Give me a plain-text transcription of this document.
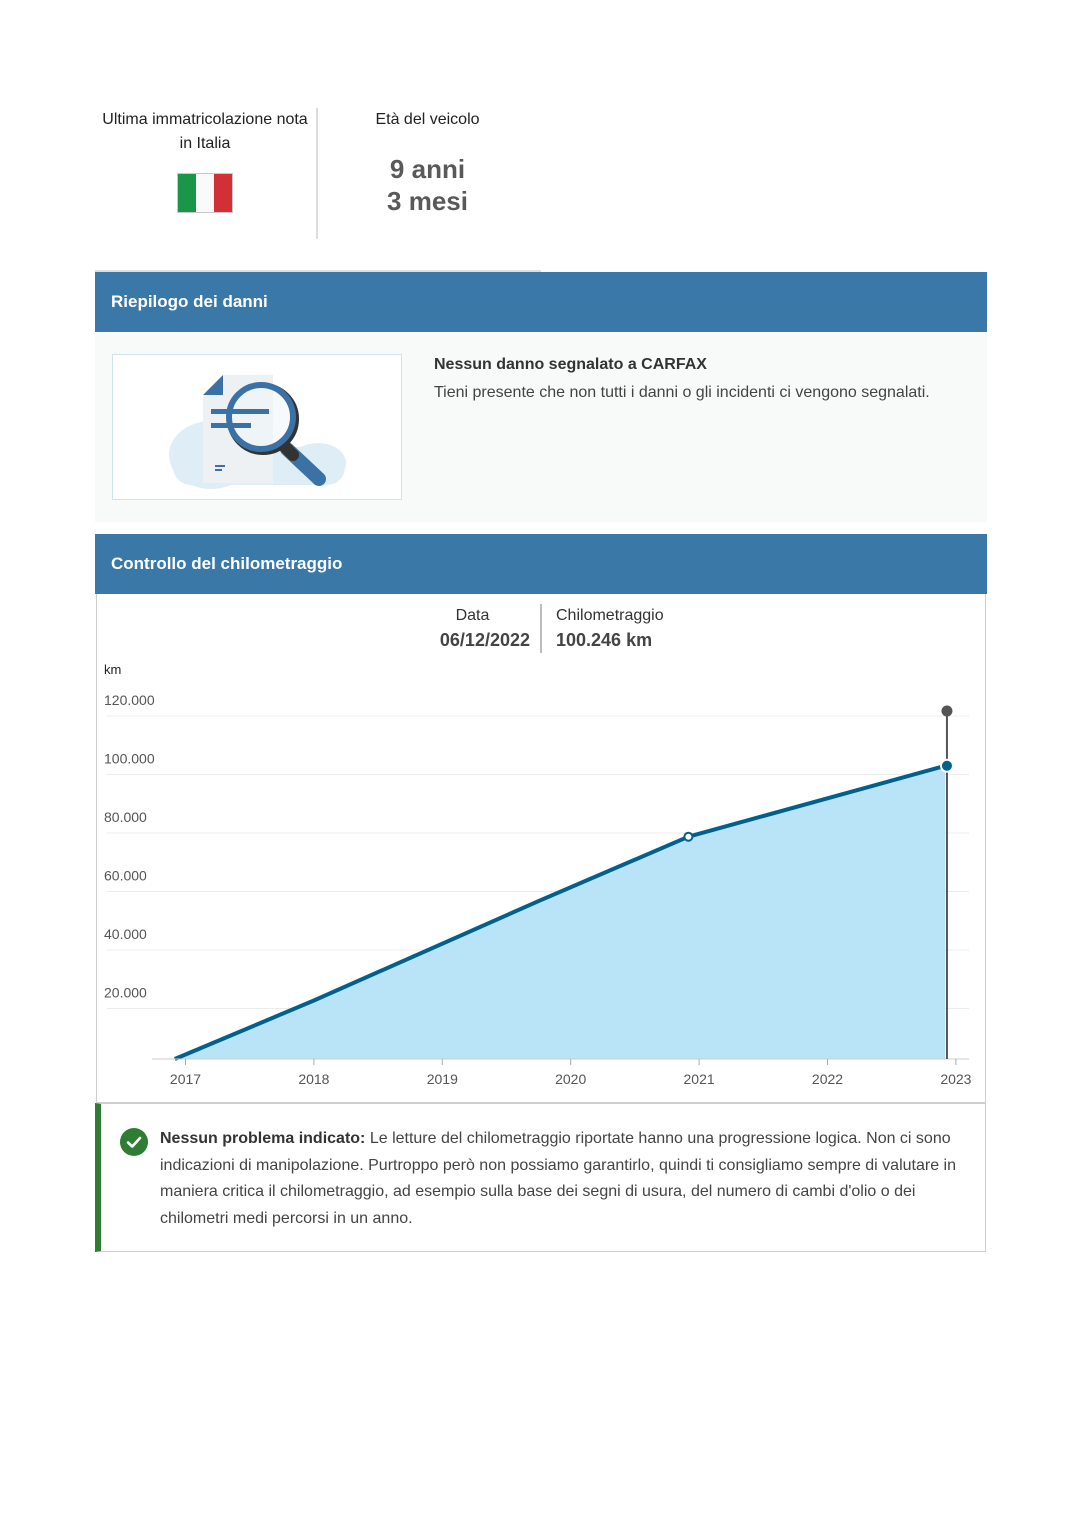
Ultima immatricolazione nota in Italia
Età del veicolo
9 anni
3 mesi
Riepilogo dei danni
Nessun danno segnalato a CARFAX
Tieni presente che non tutti i danni o gli incidenti ci vengono segnalati.
Controllo del chilometraggio
Data
06/12/2022
Chilometraggio
100.246 km
km
120.000
100.000
80.000
60.000
40.000
20.000
2017	2018	2019	2020	2021	2022	2023
Nessun problema indicato: Le letture del chilometraggio riportate hanno una progressione logica. Non ci sono indicazioni di manipolazione. Purtroppo però non possiamo garantirlo, quindi ti consigliamo sempre di valutare in maniera critica il chilometraggio, ad esempio sulla base dei segni di usura, del numero di cambi d'olio o dei chilometri medi percorsi in un anno.
